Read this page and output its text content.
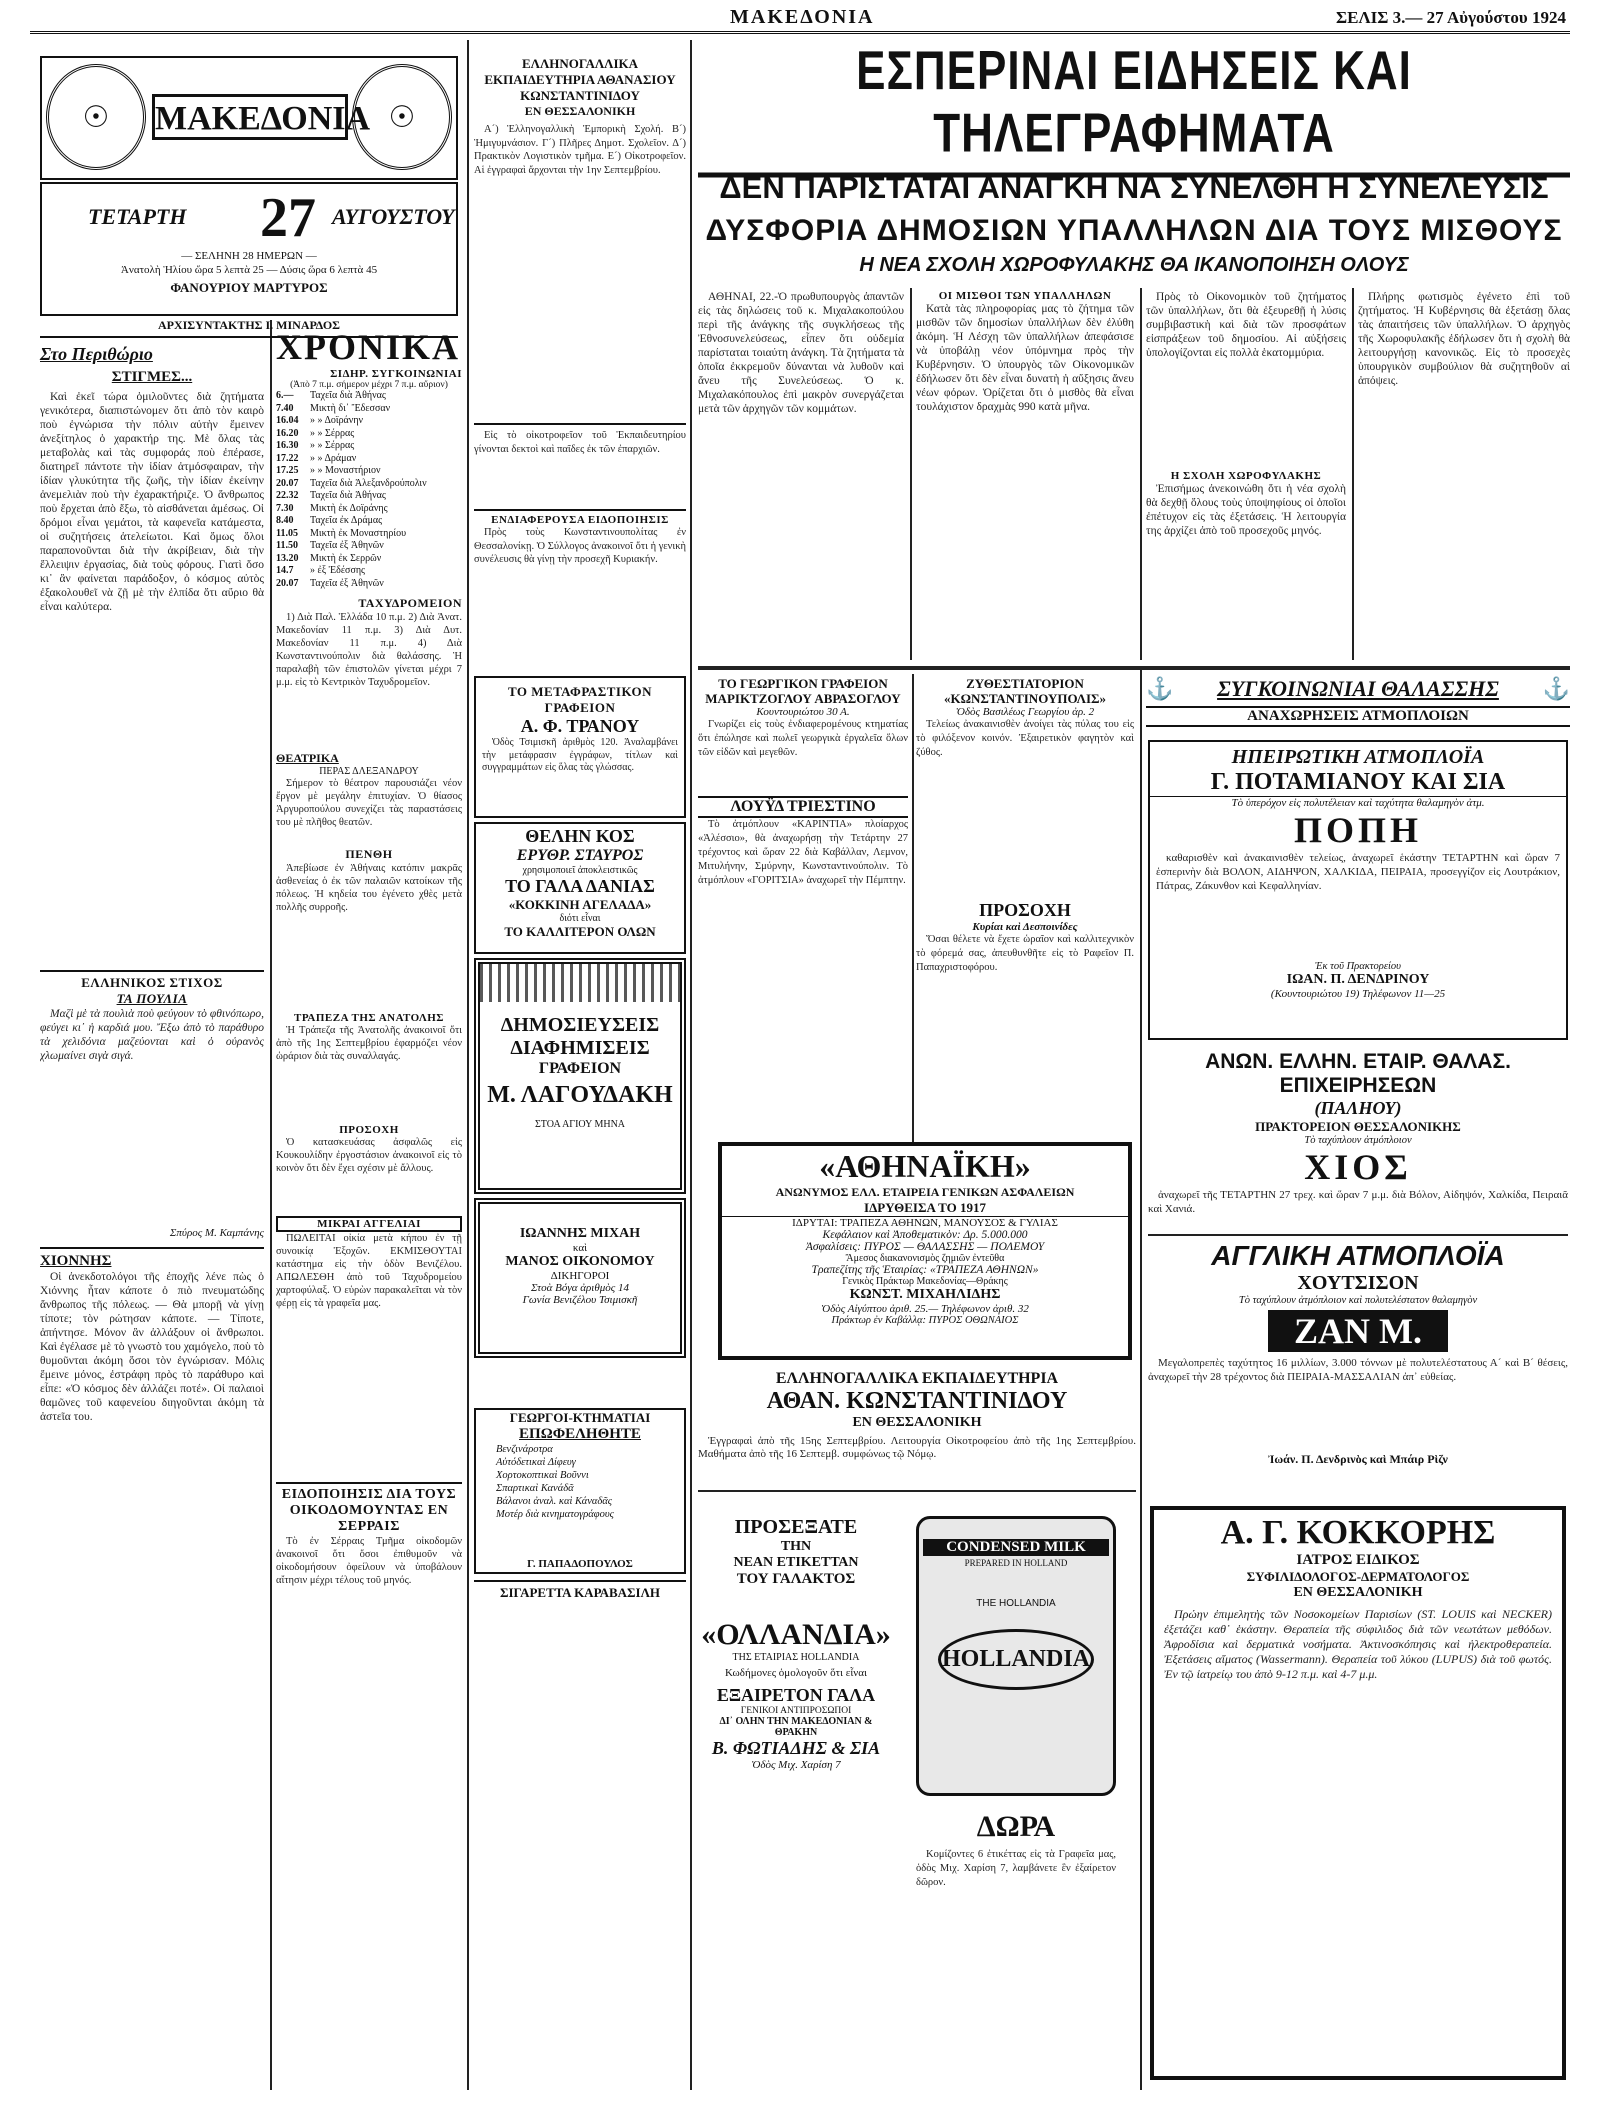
ΜΑΚΕΔΟΝΙΑ	ΣΕΛΙΣ 3.— 27 Αὐγούστου 1924
☉	☉
ΜΑΚΕΔΟΝΙΑ
ΤΕΤΑΡΤΗ 27 ΑΥΓΟΥΣΤΟΥ
— ΣΕΛΗΝΗ 28 ΗΜΕΡΩΝ —
Ἀνατολὴ Ἡλίου ὥρα 5 λεπτὰ 25 — Δύσις ὥρα 6 λεπτὰ 45
ΦΑΝΟΥΡΙΟΥ ΜΑΡΤΥΡΟΣ
ΑΡΧΙΣΥΝΤΑΚΤΗΣ Ι. ΜΙΝΑΡΔΟΣ
Στο Περιθώριο
ΣΤΙΓΜΕΣ...

Καὶ ἐκεῖ τώρα ὁμιλοῦντες διὰ ζητήματα γενικότερα, διαπιστώνομεν ὅτι ἀπὸ τὸν καιρὸ ποὺ ἐγνώρισα τὴν πόλιν αὐτὴν ἔμεινεν ἀνεξίτηλος ὁ χαρακτήρ της. Μὲ ὅλας τὰς μεταβολὰς καὶ τὰς συμφοράς ποὺ ἐπέρασε, διατηρεῖ πάντοτε τὴν ἰδίαν ἀτμόσφαιραν, τὴν ἰδίαν γλυκύτητα τῆς ζωῆς, τὴν ἰδίαν ἐκείνην ἀνεμελιὰν ποὺ τὴν ἐχαρακτήριζε. Ὁ ἄνθρωπος ποὺ ἔρχεται ἀπὸ ἔξω, τὸ αἰσθάνεται ἀμέσως. Οἱ δρόμοι εἶναι γεμάτοι, τὰ καφενεῖα κατάμεστα, οἱ συζητήσεις ἀτελείωτοι. Καὶ ὅμως ὅλοι παραπονοῦνται διὰ τὴν ἀκρίβειαν, διὰ τὴν ἔλλειψιν ἐργασίας, διὰ τοὺς φόρους. Γιατὶ ὅσο κι᾿ ἂν φαίνεται παράδοξον, ὁ κόσμος αὐτὸς ἐξακολουθεῖ νὰ ζῇ μὲ τὴν ἐλπίδα ὅτι αὔριο θὰ εἶναι καλύτερα.

ΕΛΛΗΝΙΚΟΣ ΣΤΙΧΟΣ
ΤΑ ΠΟΥΛΙΑ

Μαζὶ μὲ τὰ πουλιὰ ποὺ φεύγουν τὸ φθινόπωρο, φεύγει κι᾿ ἡ καρδιά μου. Ἔξω ἀπὸ τὸ παράθυρο τὰ χελιδόνια μαζεύονται καὶ ὁ οὐρανὸς χλωμαίνει σιγὰ σιγά.

Σπύρος Μ. Καμπάνης
ΧΙΟΝΝΗΣ

Οἱ ἀνεκδοτολόγοι τῆς ἐποχῆς λένε πὼς ὁ Χιόννης ἦταν κάποτε ὁ πιὸ πνευματώδης ἄνθρωπος τῆς πόλεως. — Θὰ μπορῇ νὰ γίνῃ τίποτε; τὸν ρώτησαν κάποτε. — Τίποτε, ἀπήντησε. Μόνον ἂν ἀλλάξουν οἱ ἄνθρωποι. Καὶ ἐγέλασε μὲ τὸ γνωστὸ του χαμόγελο, ποὺ τὸ θυμοῦνται ἀκόμη ὅσοι τὸν ἐγνώρισαν. Μόλις ἔμεινε μόνος, ἐστράφη πρὸς τὸ παράθυρο καὶ εἶπε: «Ὁ κόσμος δὲν ἀλλάζει ποτέ». Οἱ παλαιοὶ θαμῶνες τοῦ καφενείου διηγοῦνται ἀκόμη τὰ ἀστεῖα του.

ΧΡΟΝΙΚΑ
ΣΙΔΗΡ. ΣΥΓΚΟΙΝΩΝΙΑΙ
(Ἀπὸ 7 π.μ. σήμερον μέχρι 7 π.μ. αὔριον)
6.—	Ταχεῖα διὰ Ἀθήνας
7.40	Μικτὴ δι᾿ Ἔδεσσαν
16.04	» » Δοϊράνην
16.20	» » Σέρρας
16.30	» » Σέρρας
17.22	» » Δράμαν
17.25	» » Μοναστήριον
20.07	Ταχεῖα διὰ Ἀλεξανδρούπολιν
22.32	Ταχεῖα διὰ Ἀθήνας
7.30	Μικτὴ ἐκ Δοϊράνης
8.40	Ταχεῖα ἐκ Δράμας
11.05	Μικτὴ ἐκ Μοναστηρίου
11.50	Ταχεῖα ἐξ Ἀθηνῶν
13.20	Μικτὴ ἐκ Σερρῶν
14.7	» ἐξ Ἐδέσσης
20.07	Ταχεῖα ἐξ Ἀθηνῶν
ΤΑΧΥΔΡΟΜΕΙΟΝ

1) Διὰ Παλ. Ἑλλάδα 10 π.μ. 2) Διὰ Ἀνατ. Μακεδονίαν 11 π.μ. 3) Διὰ Δυτ. Μακεδονίαν 11 π.μ. 4) Διὰ Κωνσταντινούπολιν διὰ θαλάσσης. Ἡ παραλαβὴ τῶν ἐπιστολῶν γίνεται μέχρι 7 μ.μ. εἰς τὸ Κεντρικὸν Ταχυδρομεῖον.

ΘΕΑΤΡΙΚΑ
ΠΕΡΑΣ ΔΛΕΞΑΝΔΡΟΥ

Σήμερον τὸ θέατρον παρουσιάζει νέον ἔργον μὲ μεγάλην ἐπιτυχίαν. Ὁ θίασος Ἀργυροπούλου συνεχίζει τὰς παραστάσεις του μὲ πλῆθος θεατῶν.

ΠΕΝΘΗ

Ἀπεβίωσε ἐν Ἀθήναις κατόπιν μακρᾶς ἀσθενείας ὁ ἐκ τῶν παλαιῶν κατοίκων τῆς πόλεως. Ἡ κηδεία του ἐγένετο χθὲς μετὰ πολλῆς συρροῆς.

ΤΡΑΠΕΖΑ ΤΗΣ ΑΝΑΤΟΛΗΣ

Ἡ Τράπεζα τῆς Ἀνατολῆς ἀνακοινοῖ ὅτι ἀπὸ τῆς 1ης Σεπτεμβρίου ἐφαρμόζει νέον ὡράριον διὰ τὰς συναλλαγάς.

ΠΡΟΣΟΧΗ

Ὁ κατασκευάσας ἀσφαλῶς εἰς Κουκουλίδην ἐργοστάσιον ἀνακοινοῖ εἰς τὸ κοινὸν ὅτι δὲν ἔχει σχέσιν μὲ ἄλλους.

ΜΙΚΡΑΙ ΑΓΓΕΛΙΑΙ

ΠΩΛΕΙΤΑΙ οἰκία μετὰ κήπου ἐν τῇ συνοικίᾳ Ἐξοχῶν. ΕΚΜΙΣΘΟΥΤΑΙ κατάστημα εἰς τὴν ὁδὸν Βενιζέλου. ΑΠΩΛΕΣΘΗ ἀπὸ τοῦ Ταχυδρομείου χαρτοφύλαξ. Ὁ εὑρὼν παρακαλεῖται νὰ τὸν φέρῃ εἰς τὰ γραφεῖα μας.

ΕΙΔΟΠΟΙΗΣΙΣ ΔΙΑ ΤΟΥΣ ΟΙΚΟΔΟΜΟΥΝΤΑΣ ΕΝ ΣΕΡΡΑΙΣ

Τὸ ἐν Σέρραις Τμῆμα οἰκοδομῶν ἀνακοινοῖ ὅτι ὅσοι ἐπιθυμοῦν νὰ οἰκοδομήσουν ὀφείλουν νὰ ὑποβάλουν αἴτησιν μέχρι τέλους τοῦ μηνός.

ΕΛΛΗΝΟΓΑΛΛΙΚΑ ΕΚΠΑΙΔΕΥΤΗΡΙΑ ΑΘΑΝΑΣΙΟΥ ΚΩΝΣΤΑΝΤΙΝΙΔΟΥ
ΕΝ ΘΕΣΣΑΛΟΝΙΚΗ

Α´) Ἑλληνογαλλικὴ Ἐμπορικὴ Σχολή. Β´) Ἡμιγυμνάσιον. Γ´) Πλῆρες Δημοτ. Σχολεῖον. Δ´) Πρακτικὸν Λογιστικὸν τμῆμα. Ε´) Οἰκοτροφεῖον. Αἱ ἐγγραφαὶ ἄρχονται τὴν 1ην Σεπτεμβρίου.

Εἰς τὸ οἰκοτροφεῖον τοῦ Ἐκπαιδευτηρίου γίνονται δεκτοὶ καὶ παῖδες ἐκ τῶν ἐπαρχιῶν.

ΕΝΔΙΑΦΕΡΟΥΣΑ ΕΙΔΟΠΟΙΗΣΙΣ

Πρὸς τοὺς Κωνσταντινουπολίτας ἐν Θεσσαλονίκῃ. Ὁ Σύλλογος ἀνακοινοῖ ὅτι ἡ γενικὴ συνέλευσις θὰ γίνῃ τὴν προσεχῆ Κυριακήν.

ΤΟ ΜΕΤΑΦΡΑΣΤΙΚΟΝ ΓΡΑΦΕΙΟΝ
Α. Φ. ΤΡΑΝΟΥ

Ὁδὸς Τσιμισκῆ ἀριθμὸς 120. Ἀναλαμβάνει τὴν μετάφρασιν ἐγγράφων, τίτλων καὶ συγγραμμάτων εἰς ὅλας τὰς γλώσσας.

ΘΕΛΗΝ ΚΟΣ
ΕΡΥΘΡ. ΣΤΑΥΡΟΣ
χρησιμοποιεῖ ἀποκλειστικῶς
ΤΟ ΓΑΛΑ ΔΑΝΙΑΣ
«ΚΟΚΚΙΝΗ ΑΓΕΛΑΔΑ»
διότι εἶναι
ΤΟ ΚΑΛΛΙΤΕΡΟΝ ΟΛΩΝ
ΔΗΜΟΣΙΕΥΣΕΙΣ
ΔΙΑΦΗΜΙΣΕΙΣ
ΓΡΑΦΕΙΟΝ
Μ. ΛΑΓΟΥΔΑΚΗ
ΣΤΟΑ ΑΓΙΟΥ ΜΗΝΑ
ΙΩΑΝΝΗΣ ΜΙΧΑΗ
καὶ
ΜΑΝΟΣ ΟΙΚΟΝΟΜΟΥ
ΔΙΚΗΓΟΡΟΙ
Στοὰ Βόγα ἀριθμὸς 14
Γωνία Βενιζέλου Τσιμισκῆ
ΓΕΩΡΓΟΙ-ΚΤΗΜΑΤΙΑΙ
ΕΠΩΦΕΛΗΘΗΤΕ
Βενζινάροτρα
Αὐτόδετικαὶ Δίφευγ
Χορτοκοπτικαὶ Βοῦννι
Σπαρτικαὶ Κανάδᾶ
Βάλανοι ἀναλ. καὶ Κάναδᾶς
Μοτέρ διὰ κινηματογράφους
Γ. ΠΑΠΑΔΟΠΟΥΛΟΣ
ΣΙΓΑΡΕΤΤΑ ΚΑΡΑΒΑΣΙΛΗ
ΕΣΠΕΡΙΝΑΙ ΕΙΔΗΣΕΙΣ ΚΑΙ ΤΗΛΕΓΡΑΦΗΜΑΤΑ
ΔΕΝ ΠΑΡΙΣΤΑΤΑΙ ΑΝΑΓΚΗ ΝΑ ΣΥΝΕΛΘΗ Η ΣΥΝΕΛΕΥΣΙΣ
ΔΥΣΦΟΡΙΑ ΔΗΜΟΣΙΩΝ ΥΠΑΛΛΗΛΩΝ ΔΙΑ ΤΟΥΣ ΜΙΣΘΟΥΣ
Η ΝΕΑ ΣΧΟΛΗ ΧΩΡΟΦΥΛΑΚΗΣ ΘΑ ΙΚΑΝΟΠΟΙΗΣΗ ΟΛΟΥΣ

ΑΘΗΝΑΙ, 22.-Ὁ πρωθυπουργὸς ἀπαντῶν εἰς τὰς δηλώσεις τοῦ κ. Μιχαλακοπούλου περὶ τῆς ἀνάγκης τῆς συγκλήσεως τῆς Ἐθνοσυνελεύσεως, εἶπεν ὅτι οὐδεμία παρίσταται τοιαύτη ἀνάγκη. Τὰ ζητήματα τὰ ὁποῖα ἐκκρεμοῦν δύνανται νὰ λυθοῦν καὶ ἄνευ τῆς Συνελεύσεως. Ὁ κ. Μιχαλακόπουλος ἐπὶ μακρὸν συνεργάζεται μετὰ τῶν ἀρχηγῶν τῶν κομμάτων.

ΟΙ ΜΙΣΘΟΙ ΤΩΝ ΥΠΑΛΛΗΛΩΝ

Κατὰ τὰς πληροφορίας μας τὸ ζήτημα τῶν μισθῶν τῶν δημοσίων ὑπαλλήλων δὲν ἐλύθη ἀκόμη. Ἡ Λέσχη τῶν ὑπαλλήλων ἀπεφάσισε νὰ ὑποβάλῃ νέον ὑπόμνημα πρὸς τὴν Κυβέρνησιν. Ὁ ὑπουργὸς τῶν Οἰκονομικῶν ἐδήλωσεν ὅτι δὲν εἶναι δυνατὴ ἡ αὔξησις ἄνευ νέων φόρων. Ὁρίζεται ὅτι ὁ μισθὸς θὰ εἶναι τουλάχιστον δραχμὰς 990 κατὰ μῆνα.

Πρὸς τὸ Οἰκονομικὸν τοῦ ζητήματος τῶν ὑπαλλήλων, ὅτι θὰ ἐξευρεθῇ ἡ λύσις συμβιβαστικὴ καὶ διὰ τῶν προσφάτων εἰσπράξεων τοῦ δημοσίου. Αἱ αὐξήσεις ὑπολογίζονται εἰς πολλὰ ἑκατομμύρια.

Η ΣΧΟΛΗ ΧΩΡΟΦΥΛΑΚΗΣ

Ἐπισήμως ἀνεκοινώθη ὅτι ἡ νέα σχολὴ θὰ δεχθῇ ὅλους τοὺς ὑποψηφίους οἱ ὁποῖοι ἐπέτυχον εἰς τὰς ἐξετάσεις. Ἡ λειτουργία της ἀρχίζει ἀπὸ τοῦ προσεχοῦς μηνός.

Πλήρης φωτισμὸς ἐγένετο ἐπὶ τοῦ ζητήματος. Ἡ Κυβέρνησις θὰ ἐξετάσῃ ὅλας τὰς ἀπαιτήσεις τῶν ὑπαλλήλων. Ὁ ἀρχηγὸς τῆς Χωροφυλακῆς ἐδήλωσεν ὅτι ἡ σχολὴ θὰ λειτουργήσῃ κανονικῶς. Εἰς τὸ προσεχὲς ὑπουργικὸν συμβούλιον θὰ συζητηθοῦν αἱ ἀπόψεις.

ΤΟ ΓΕΩΡΓΙΚΟΝ ΓΡΑΦΕΙΟΝ ΜΑΡΙΚΤΖΟΓΛΟΥ ΑΒΡΑΣΟΓΛΟΥ
Κουντουριώτου 30 Α.

Γνωρίζει εἰς τοὺς ἐνδιαφερομένους κτηματίας ὅτι ἐπώλησε καὶ πωλεῖ γεωργικὰ ἐργαλεῖα ὅλων τῶν εἰδῶν καὶ μεγεθῶν.

ΖΥΘΕΣΤΙΑΤΟΡΙΟΝ «ΚΩΝΣΤΑΝΤΙΝΟΥΠΟΛΙΣ»
Ὁδὸς Βασιλέως Γεωργίου ἀρ. 2

Τελείως ἀνακαινισθὲν ἀνοίγει τὰς πύλας του εἰς τὸ φιλόξενον κοινόν. Ἐξαιρετικὸν φαγητὸν καὶ ζύθος.

ΛΟΥΫΔ ΤΡΙΕΣΤΙΝΟ

Τὸ ἀτμόπλουν «ΚΑΡΙΝΤΙΑ» πλοίαρχος «Ἀλέσσιο», θὰ ἀναχωρήσῃ τὴν Τετάρτην 27 τρέχοντος καὶ ὥραν 22 διὰ Καβάλλαν, Λεμνον, Μιτυλήνην, Σμύρνην, Κωνσταντινούπολιν. Τὸ ἀτμόπλουν «ΓΟΡΙΤΣΙΑ» ἀναχωρεῖ τὴν Πέμπτην.

ΠΡΟΣΟΧΗ
Κυρίαι καὶ Δεσποινίδες

Ὅσαι θέλετε νὰ ἔχετε ὡραῖον καὶ καλλιτεχνικὸν τὸ φόρεμά σας, ἀπευθυνθῆτε εἰς τὸ Ραφεῖον Π. Παπαχριστοφόρου.

«ΑΘΗΝΑΪΚΗ»
ΑΝΩΝΥΜΟΣ ΕΛΛ. ΕΤΑΙΡΕΙΑ ΓΕΝΙΚΩΝ ΑΣΦΑΛΕΙΩΝ
ΙΔΡΥΘΕΙΣΑ ΤΟ 1917
ΙΔΡΥΤΑΙ: ΤΡΑΠΕΖΑ ΑΘΗΝΩΝ, ΜΑΝΟΥΣΟΣ & ΓΥΛΙΑΣ
Κεφάλαιον καὶ Ἀποθεματικὸν: Δρ. 5.000.000
Ἀσφαλίσεις: ΠΥΡΟΣ — ΘΑΛΑΣΣΗΣ — ΠΟΛΕΜΟΥ
Ἄμεσος διακανονισμὸς ζημιῶν ἐντεῦθα
Τραπεζίτης τῆς Ἑταιρίας: «ΤΡΑΠΕΖΑ ΑΘΗΝΩΝ»
Γενικὸς Πράκτωρ Μακεδονίας—Θράκης
ΚΩΝΣΤ. ΜΙΧΑΗΛΙΔΗΣ
Ὁδὸς Αἰγύπτου ἀριθ. 25.— Τηλέφωνον ἀριθ. 32
Πράκτωρ ἐν Καβάλλᾳ: ΠΥΡΟΣ ΟΘΩΝΑΙΟΣ
ΕΛΛΗΝΟΓΑΛΛΙΚΑ ΕΚΠΑΙΔΕΥΤΗΡΙΑ
ΑΘΑΝ. ΚΩΝΣΤΑΝΤΙΝΙΔΟΥ
ΕΝ ΘΕΣΣΑΛΟΝΙΚΗ

Ἐγγραφαὶ ἀπὸ τῆς 15ης Σεπτεμβρίου. Λειτουργία Οἰκοτροφείου ἀπὸ τῆς 1ης Σεπτεμβρίου. Μαθήματα ἀπὸ τῆς 16 Σεπτεμβ. συμφώνως τῷ Νόμῳ.

ΠΡΟΣΕΞΑΤΕ
ΤΗΝ
ΝΕΑΝ ΕΤΙΚΕΤΤΑΝ
ΤΟΥ ΓΑΛΑΚΤΟΣ
«ΟΛΛΑΝΔΙΑ»
ΤΗΣ ΕΤΑΙΡΙΑΣ HOLLANDIA
Κωδήμονες ὁμολογοῦν ὅτι εἶναι
ΕΞΑΙΡΕΤΟΝ ΓΑΛΑ
ΓΕΝΙΚΟΙ ΑΝΤΙΠΡΟΣΩΠΟΙ
ΔΙ᾿ ΟΛΗΝ ΤΗΝ ΜΑΚΕΔΟΝΙΑΝ & ΘΡΑΚΗΝ
Β. ΦΩΤΙΑΔΗΣ & ΣΙΑ
Ὁδὸς Μιχ. Χαρίση 7
CONDENSED MILK
PREPARED IN HOLLAND
THE HOLLANDIA
HOLLANDIA
ΔΩΡΑ

Κομίζοντες 6 ἐτικέττας εἰς τὰ Γραφεῖα μας, ὁδὸς Μιχ. Χαρίση 7, λαμβάνετε ἓν ἐξαίρετον δῶρον.

⚓ ΣΥΓΚΟΙΝΩΝΙΑΙ ΘΑΛΑΣΣΗΣ ⚓
ΑΝΑΧΩΡΗΣΕΙΣ ΑΤΜΟΠΛΟΙΩΝ
ΗΠΕΙΡΩΤΙΚΗ ΑΤΜΟΠΛΟΪΑ
Γ. ΠΟΤΑΜΙΑΝΟΥ ΚΑΙ ΣΙΑ
Τὸ ὑπερόχον εἰς πολυτέλειαν καὶ ταχύτητα θαλαμηγὸν ἀτμ.
ΠΟΠΗ

καθαρισθὲν καὶ ἀνακαινισθὲν τελείως, ἀναχωρεῖ ἑκάστην ΤΕΤΑΡΤΗΝ καὶ ὥραν 7 ἑσπερινὴν διὰ ΒΟΛΟΝ, ΑΙΔΗΨΟΝ, ΧΑΛΚΙΔΑ, ΠΕΙΡΑΙΑ, προσεγγίζον εἰς Λουτράκιον, Πάτρας, Ζάκυνθον καὶ Κεφαλληνίαν.

Ἐκ τοῦ Πρακτορείου
ΙΩΑΝ. Π. ΔΕΝΔΡΙΝΟΥ
(Κουντουριώτου 19) Τηλέφωνον 11—25
ΑΝΩΝ. ΕΛΛΗΝ. ΕΤΑΙΡ. ΘΑΛΑΣ. ΕΠΙΧΕΙΡΗΣΕΩΝ
(ΠΑΛΗΟΥ)
ΠΡΑΚΤΟΡΕΙΟΝ ΘΕΣΣΑΛΟΝΙΚΗΣ
Τὸ ταχύπλουν ἀτμόπλοιον
ΧΙΟΣ

ἀναχωρεῖ τῆς ΤΕΤΑΡΤΗΝ 27 τρεχ. καὶ ὥραν 7 μ.μ. διὰ Βόλον, Αἰδηψόν, Χαλκίδα, Πειραιᾶ καὶ Χανιά.

ΑΓΓΛΙΚΗ ΑΤΜΟΠΛΟΪΑ
ΧΟΥΤΣΙΣΟΝ
Τὸ ταχύπλουν ἀτμόπλοιον καὶ πολυτελέστατον θαλαμηγὸν
ΖΑΝ Μ.

Μεγαλοπρεπὲς ταχύτητος 16 μιλλίων, 3.000 τόννων μὲ πολυτελέστατους Α´ καὶ Β´ θέσεις, ἀναχωρεῖ τὴν 28 τρέχοντος διὰ ΠΕΙΡΑΙΑ-ΜΑΣΣΑΛΙΑΝ ἀπ᾿ εὐθείας.

Ἰωάν. Π. Δενδρινὸς καὶ Μπάιρ Ρὶζν
Α. Γ. ΚΟΚΚΟΡΗΣ
ΙΑΤΡΟΣ ΕΙΔΙΚΟΣ
ΣΥΦΙΛΙΔΟΛΟΓΟΣ-ΔΕΡΜΑΤΟΛΟΓΟΣ
ΕΝ ΘΕΣΣΑΛΟΝΙΚΗ

Πρώην ἐπιμελητὴς τῶν Νοσοκομείων Παρισίων (ST. LOUIS καὶ NECKER) ἐξετάζει καθ᾿ ἑκάστην. Θεραπεία τῆς σύφιλιδος διὰ τῶν νεωτάτων μεθόδων. Ἀφροδίσια καὶ δερματικὰ νοσήματα. Ἀκτινοσκόπησις καὶ ἠλεκτροθεραπεία. Ἐξετάσεις αἵματος (Wassermann). Θεραπεία τοῦ λύκου (LUPUS) διὰ τοῦ φωτός. Ἐν τῷ ἰατρείῳ του ἀπὸ 9-12 π.μ. καὶ 4-7 μ.μ.
